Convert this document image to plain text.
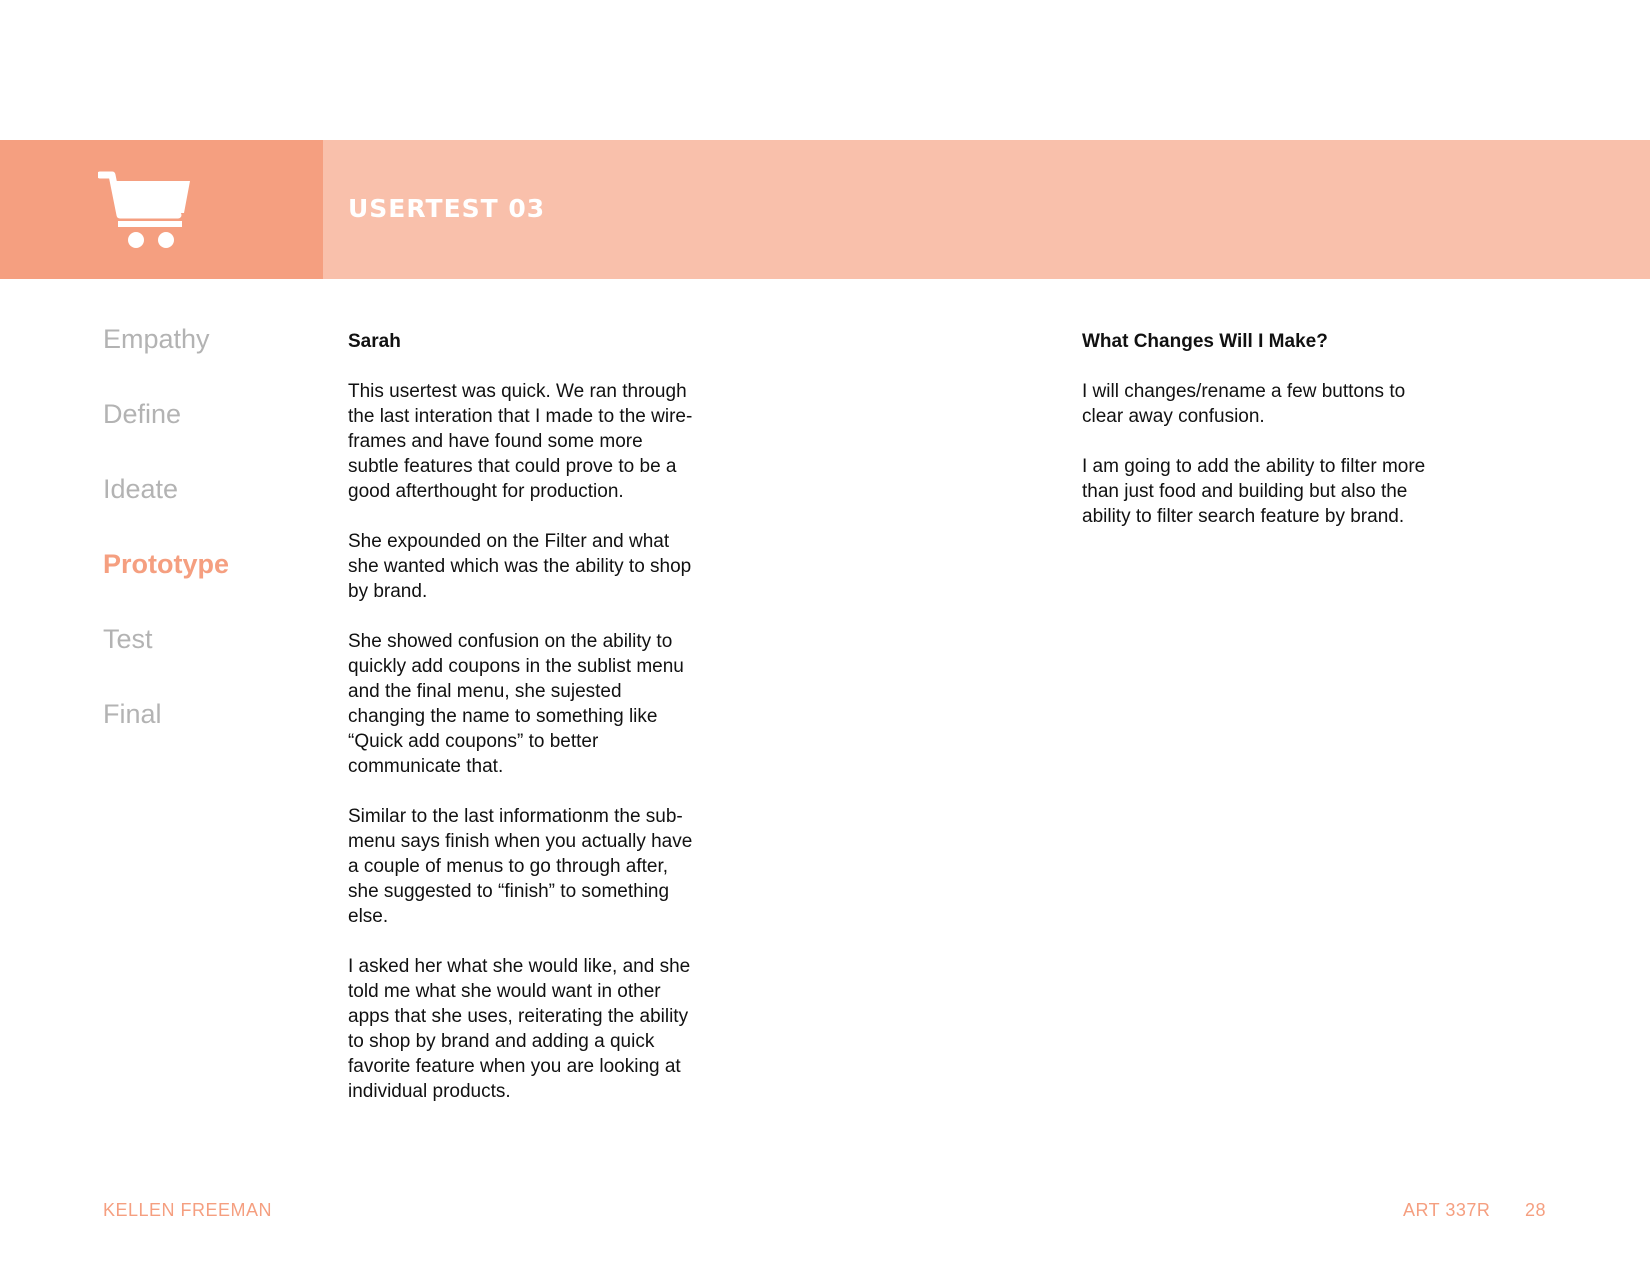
USERTEST 03
Empathy
Define
Ideate
Prototype
Test
Final
Sarah

This usertest was quick. We ran through the last interation that I made to the wire-frames and have found some more subtle features that could prove to be a good afterthought for production.

She expounded on the Filter and what she wanted which was the ability to shop by brand.

She showed confusion on the ability to quickly add coupons in the sublist menu and the final menu, she sujested changing the name to something like “Quick add coupons” to better communicate that.

Similar to the last informationm the sub-menu says finish when you actually have a couple of menus to go through after, she suggested to “finish” to something else.

I asked her what she would like, and she told me what she would want in other apps that she uses, reiterating the ability to shop by brand and adding a quick favorite feature when you are looking at individual products.

What Changes Will I Make?

I will changes/rename a few buttons to clear away confusion.

I am going to add the ability to filter more than just food and building but also the ability to filter search feature by brand.

KELLEN FREEMAN	ART 337R 28
